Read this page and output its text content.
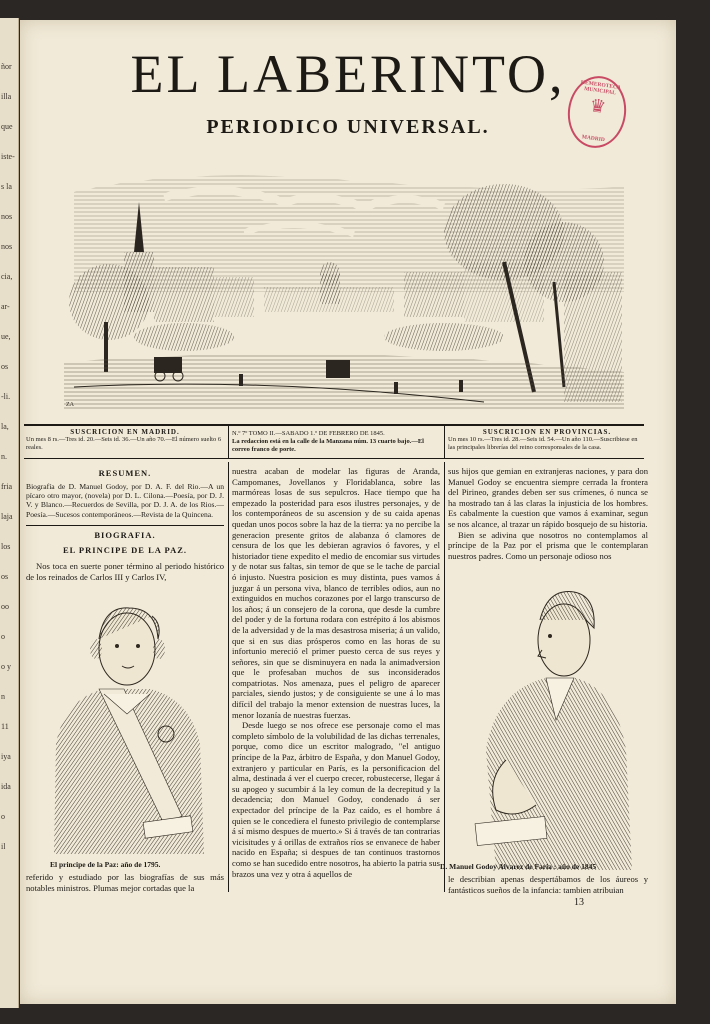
ñor
illa
que
iste-
s la
nos
nos
cia,
ar-
ue,
os
-li.
la,
n.
fria
laja
los
os
oo
o
o y
n
11
iya
ida
o
il
EL LABERINTO,
PERIODICO UNIVERSAL.
HEMEROTECA MUNICIPAL
♛
MADRID
ZA
SUSCRICION EN MADRID.
Un mes 8 rs.—Tres id. 20.—Seis id. 36.—Un año 70.—El número suelto 6 reales.
N.º 7º TOMO II.—SABADO 1.º DE FEBRERO DE 1845.
La redaccion está en la calle de la Manzana núm. 13 cuarto bajo.—El correo franco de porte.
SUSCRICION EN PROVINCIAS.
Un mes 10 rs.—Tres id. 28.—Seis id. 54.—Un año 110.—Suscribiese en las principales librerías del reino corresponsales de la casa.
RESUMEN.
Biografía de D. Manuel Godoy, por D. A. F. del Rio.—A un pícaro otro mayor, (novela) por D. L. Cilona.—Poesía, por D. J. V. y Blanco.—Recuerdos de Sevilla, por D. J. A. de los Rios.—Poesía.—Sucesos contemporáneos.—Revista de la Quincena.
BIOGRAFIA.
EL PRINCIPE DE LA PAZ.

Nos toca en suerte poner término al periodo histórico de los reinados de Carlos III y Carlos IV,

El principe de la Paz: año de 1795.
referido y estudiado por las biografías de sus más notables ministros. Plumas mejor cortadas que la

nuestra acaban de modelar las figuras de Aranda, Campomanes, Jovellanos y Floridablanca, sobre las marmóreas losas de sus sepulcros. Hace tiempo que ha empezado la posteridad para esos ilustres personajes, y de los contemporáneos de su ascension y de su caida apenas quedan unos pocos sobre la haz de la tierra: ya no percibe la generacion presente gritos de alabanza ó clamores de censura de los que les debieran agravios ó favores, y el historiador tiene expedito el medio de encomiar sus virtudes y de notar sus faltas, sin temor de que se le tache de parcial ó injusto. Nuestra posicion es muy distinta, pues vamos á juzgar á un persona viva, blanco de terribles odios, aun no extinguidos en muchos corazones por el largo transcurso de los años; á un consejero de la corona, que desde la cumbre del poder y de la fortuna rodara con estrépito á los abismos de la adversidad y de la mas desastrosa miseria; á un valido, que si en sus dias prósperos como en las horas de su infortunio mereció el primer puesto cerca de sus reyes y señores, sin que se disminuyera en nada la animadversion que le profesaban muchos de sus inconsiderados compatriotas. Nos amenaza, pues el peligro de aparecer parciales, siendo justos; y de consiguiente se une á lo mas difícil del trabajo la menor extension de nuestras luces, la menor lozanía de nuestras fuerzas.

Desde luego se nos ofrece ese personaje como el mas completo símbolo de la volubilidad de las dichas terrenales, porque, como dice un escritor malogrado, "el antiguo príncipe de la Paz, árbitro de España, y don Manuel Godoy, extranjero y particular en París, es la personificacion del alma, destinada á ver el cuerpo crecer, robustecerse, llegar á su apogeo y sucumbir á la ley comun de la decrepitud y la decadencia; don Manuel Godoy, condenado á ser expectador del príncipe de la Paz caído, es el hombre á quien se le concediera el funesto privilegio de contemplarse á sí mismo despues de muerto.» Si á través de tan contrarias vicisitudes y á orillas de extraños ríos se envanece de haber nacido en España; si despues de tan continuos trastornos como se han sucedido entre nosotros, ha abierto la patria sus brazos una vez y otra á aquellos de

sus hijos que gemian en extranjeras naciones, y para don Manuel Godoy se encuentra siempre cerrada la frontera del Pirineo, grandes deben ser sus crímenes, ó nunca se ha mostrado tan á las claras la injusticia de los hombres. Es cabalmente la cuestion que vamos á examinar, segun se nos alcance, al trazar un rápido bosquejo de su historia.

Bien se adivina que nosotros no contemplamos al príncipe de la Paz por el prisma que le contemplaran nuestros padres. Como un personaje odioso nos

D. Manuel Godoy Alvarez de Faria : año de 1845
le describian apenas despertábamos de los áureos y fantásticos sueños de la infancia: tambien atribuian
13
